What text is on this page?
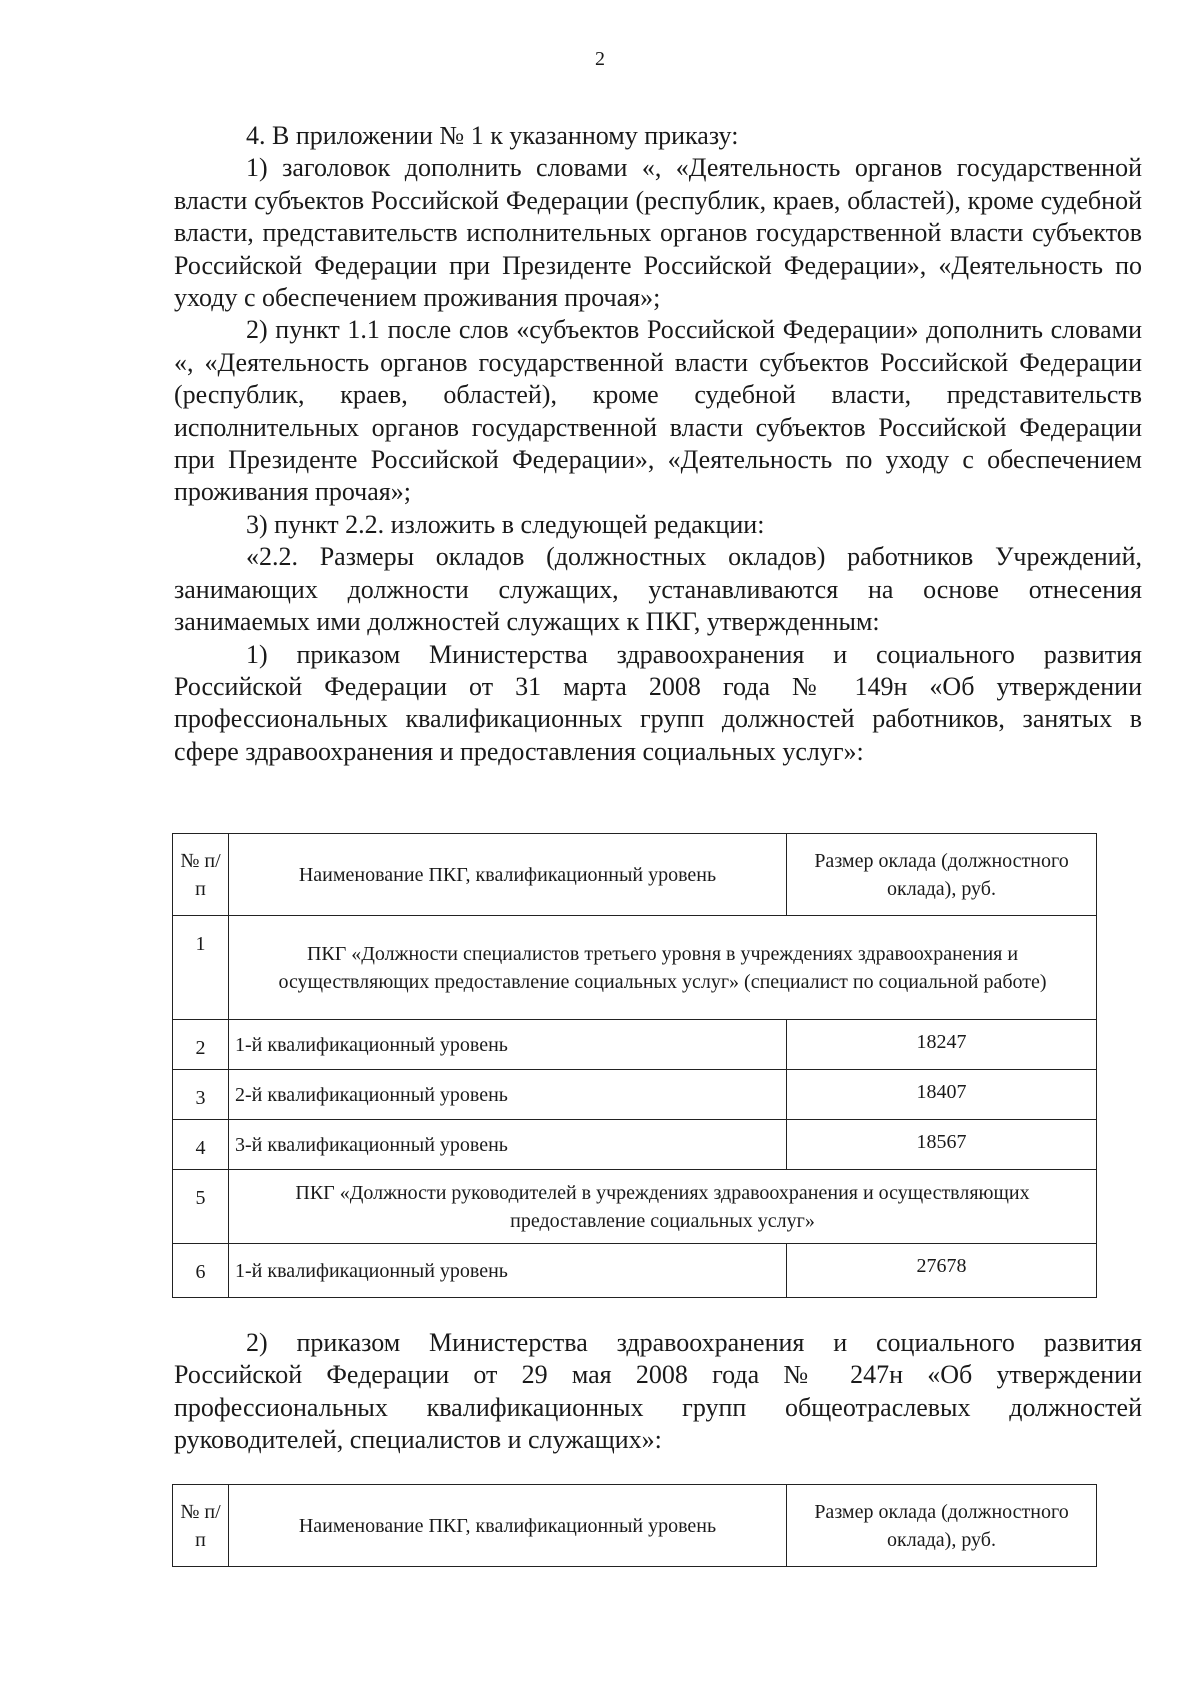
2

4. В приложении № 1 к указанному приказу:

1) заголовок дополнить словами «, «Деятельность органов государственной власти субъектов Российской Федерации (республик, краев, областей), кроме судебной власти, представительств исполнительных органов государственной власти субъектов Российской Федерации при Президенте Российской Федерации», «Деятельность по уходу с обеспечением проживания прочая»;

2) пункт 1.1 после слов «субъектов Российской Федерации» дополнить словами «, «Деятельность органов государственной власти субъектов Российской Федерации (республик, краев, областей), кроме судебной власти, представительств исполнительных органов государственной власти субъектов Российской Федерации при Президенте Российской Федерации», «Деятельность по уходу с обеспечением проживания прочая»;

3) пункт 2.2. изложить в следующей редакции:

«2.2. Размеры окладов (должностных окладов) работников Учреждений, занимающих должности служащих, устанавливаются на основе отнесения занимаемых ими должностей служащих к ПКГ, утвержденным:

1) приказом Министерства здравоохранения и социального развития Российской Федерации от 31 марта 2008 года № 149н «Об утверждении профессиональных квалификационных групп должностей работников, занятых в сфере здравоохранения и предоставления социальных услуг»:

№ п/п	Наименование ПКГ, квалификационный уровень	Размер оклада (должностного оклада), руб.
1	ПКГ «Должности специалистов третьего уровня в учреждениях здравоохранения и осуществляющих предоставление социальных услуг» (специалист по социальной работе)	
2	1-й квалификационный уровень	18247
3	2-й квалификационный уровень	18407
4	3-й квалификационный уровень	18567
5	ПКГ «Должности руководителей в учреждениях здравоохранения и осуществляющих предоставление социальных услуг»	
6	1-й квалификационный уровень	27678

2) приказом Министерства здравоохранения и социального развития Российской Федерации от 29 мая 2008 года № 247н «Об утверждении профессиональных квалификационных групп общеотраслевых должностей руководителей, специалистов и служащих»:

№ п/п	Наименование ПКГ, квалификационный уровень	Размер оклада (должностного оклада), руб.
